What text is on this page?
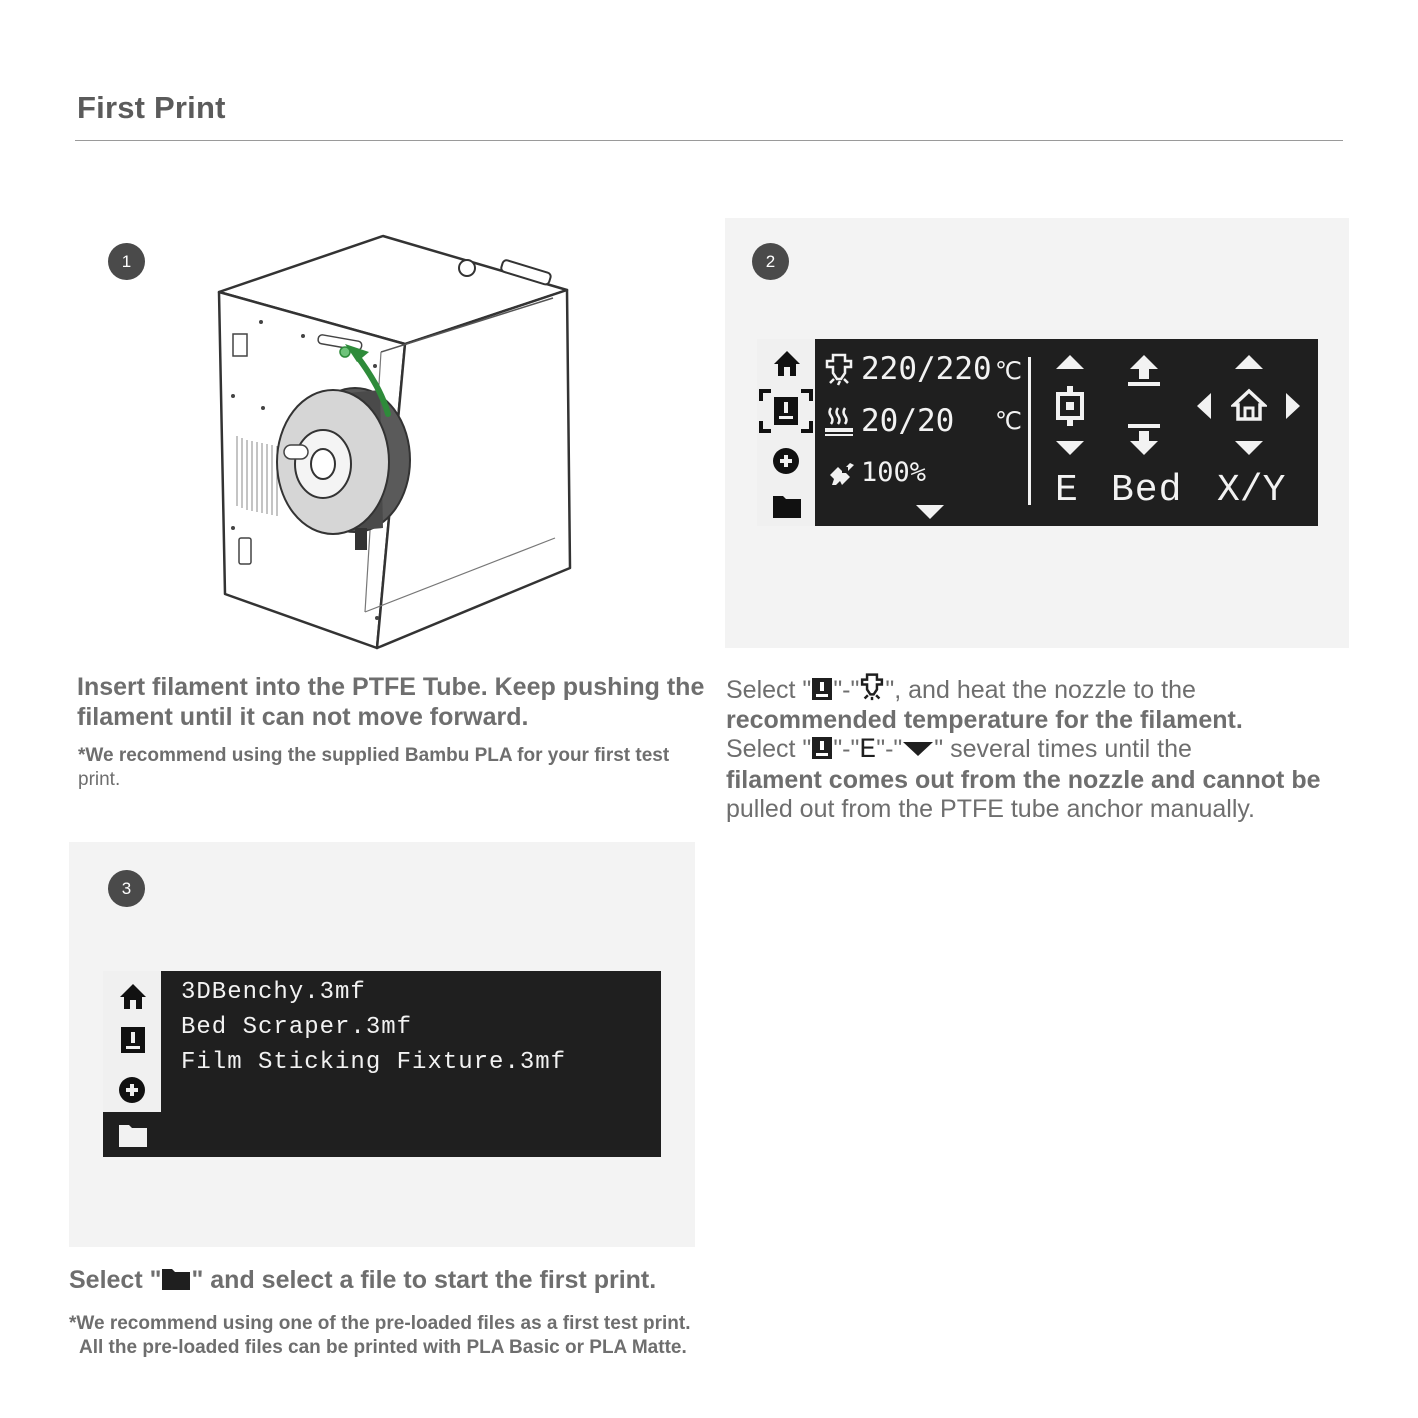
First Print
1
Insert filament into the PTFE Tube. Keep pushing the filament until it can not move forward.
*We recommend using the supplied Bambu PLA for your first test
print.
2
220/220 ℃
20/20 ℃
100%	E Bed X/Y
Select " "-" ", and heat the nozzle to the
recommended temperature for the filament.
Select " "-"E"-" " several times until the
filament comes out from the nozzle and cannot be
pulled out from the PTFE tube anchor manually.
3
3DBenchy.3mf
Bed Scraper.3mf
Film Sticking Fixture.3mf
Select " " and select a file to start the first print.
*We recommend using one of the pre-loaded files as a first test print.
All the pre-loaded files can be printed with PLA Basic or PLA Matte.
